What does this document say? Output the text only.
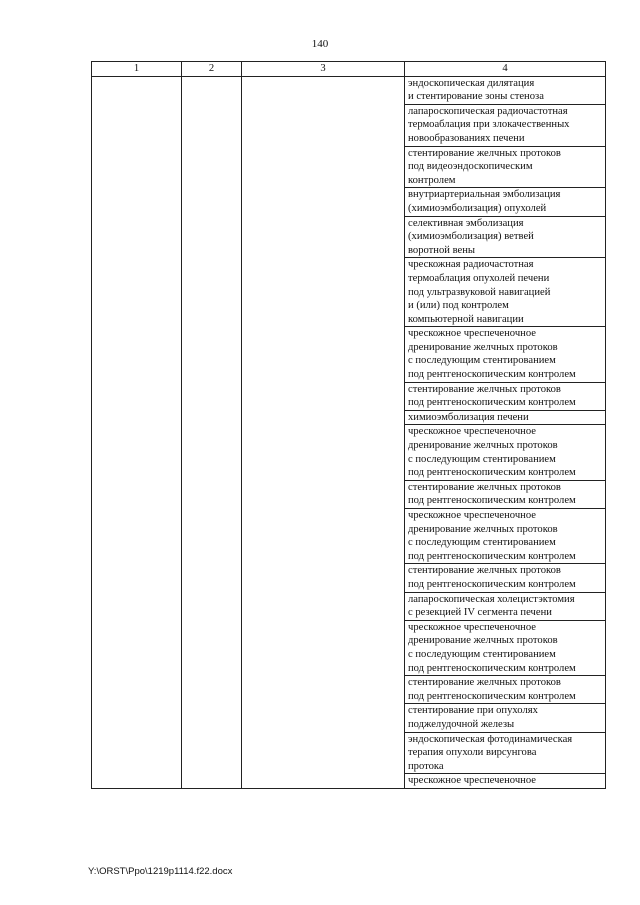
140
1	2	3	4
			эндоскопическая дилятация
и стентирование зоны стеноза
			лапароскопическая радиочастотная
термоаблация при злокачественных
новообразованиях печени
			стентирование желчных протоков
под видеоэндоскопическим
контролем
			внутриартериальная эмболизация
(химиоэмболизация) опухолей
			селективная эмболизация
(химиоэмболизация) ветвей
воротной вены
			чрескожная радиочастотная
термоаблация опухолей печени
под ультразвуковой навигацией
и (или) под контролем
компьютерной навигации
			чрескожное чреспеченочное
дренирование желчных протоков
с последующим стентированием
под рентгеноскопическим контролем
			стентирование желчных протоков
под рентгеноскопическим контролем
			химиоэмболизация печени
			чрескожное чреспеченочное
дренирование желчных протоков
с последующим стентированием
под рентгеноскопическим контролем
			стентирование желчных протоков
под рентгеноскопическим контролем
			чрескожное чреспеченочное
дренирование желчных протоков
с последующим стентированием
под рентгеноскопическим контролем
			стентирование желчных протоков
под рентгеноскопическим контролем
			лапароскопическая холецистэктомия
с резекцией IV сегмента печени
			чрескожное чреспеченочное
дренирование желчных протоков
с последующим стентированием
под рентгеноскопическим контролем
			стентирование желчных протоков
под рентгеноскопическим контролем
			стентирование при опухолях
поджелудочной железы
			эндоскопическая фотодинамическая
терапия опухоли вирсунгова
протока
			чрескожное чреспеченочное
Y:\ORST\Ppo\1219p1114.f22.docx
